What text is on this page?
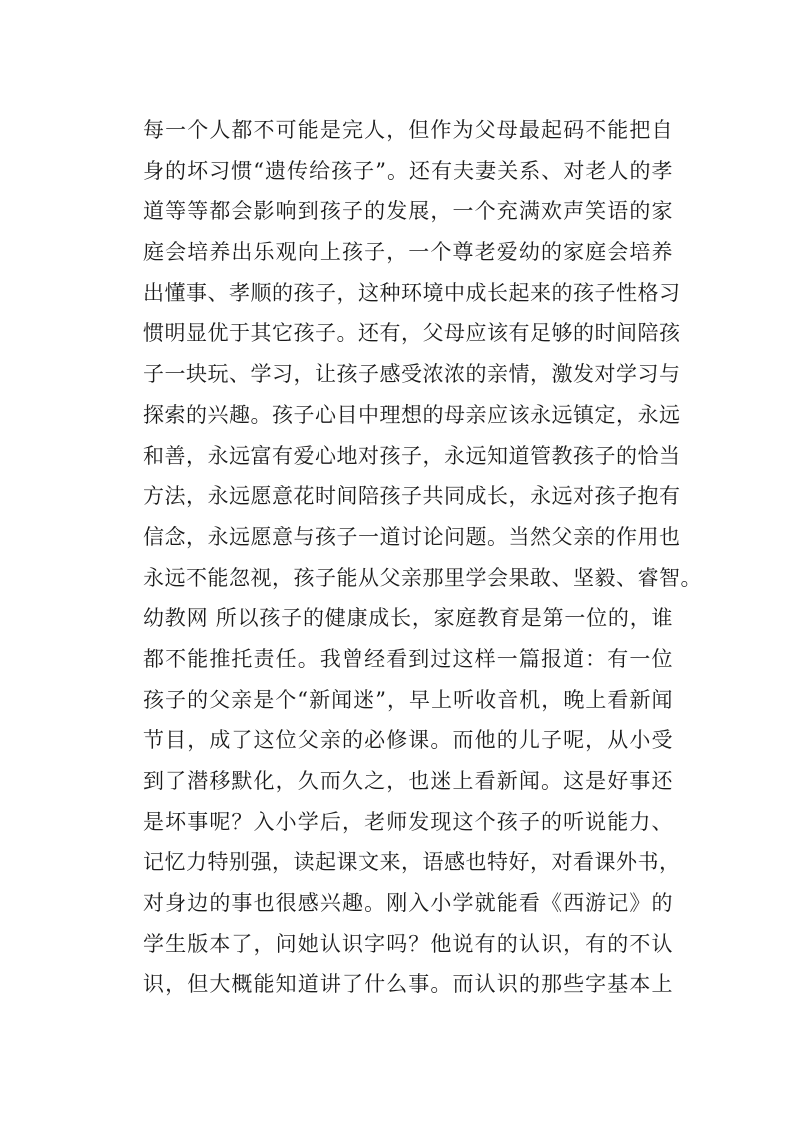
每一个人都不可能是完人，但作为父母最起码不能把自
身的坏习惯“遗传给孩子”。还有夫妻关系、对老人的孝
道等等都会影响到孩子的发展，一个充满欢声笑语的家
庭会培养出乐观向上孩子，一个尊老爱幼的家庭会培养
出懂事、孝顺的孩子，这种环境中成长起来的孩子性格习
惯明显优于其它孩子。还有，父母应该有足够的时间陪孩
子一块玩、学习，让孩子感受浓浓的亲情，激发对学习与
探索的兴趣。孩子心目中理想的母亲应该永远镇定，永远
和善，永远富有爱心地对孩子，永远知道管教孩子的恰当
方法，永远愿意花时间陪孩子共同成长，永远对孩子抱有
信念，永远愿意与孩子一道讨论问题。当然父亲的作用也
永远不能忽视，孩子能从父亲那里学会果敢、坚毅、睿智。
幼教网 所以孩子的健康成长，家庭教育是第一位的，谁
都不能推托责任。我曾经看到过这样一篇报道：有一位
孩子的父亲是个“新闻迷”，早上听收音机，晚上看新闻
节目，成了这位父亲的必修课。而他的儿子呢，从小受
到了潜移默化，久而久之，也迷上看新闻。这是好事还
是坏事呢？入小学后，老师发现这个孩子的听说能力、
记忆力特别强，读起课文来，语感也特好，对看课外书，
对身边的事也很感兴趣。刚入小学就能看《西游记》的
学生版本了，问她认识字吗？他说有的认识，有的不认
识，但大概能知道讲了什么事。而认识的那些字基本上
